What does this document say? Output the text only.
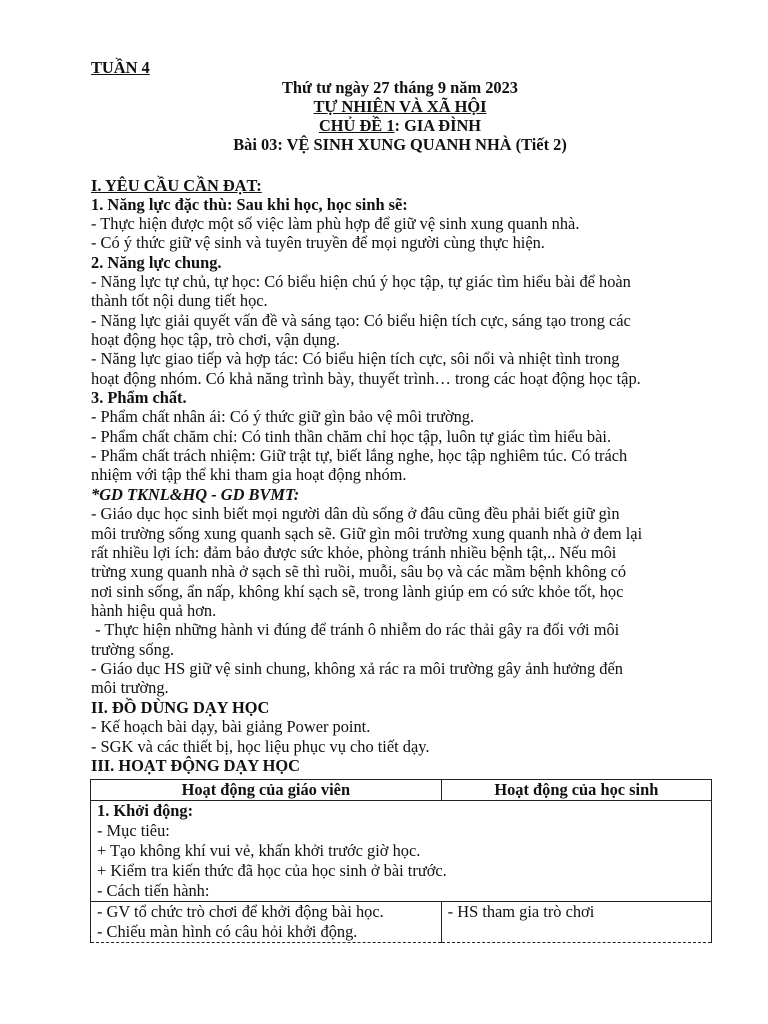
TUẦN 4
Thứ tư ngày 27 tháng 9 năm 2023
TỰ NHIÊN VÀ XÃ HỘI
CHỦ ĐỀ 1: GIA ĐÌNH
Bài 03: VỆ SINH XUNG QUANH NHÀ (Tiết 2)
I. YÊU CẦU CẦN ĐẠT:
1. Năng lực đặc thù: Sau khi học, học sinh sẽ:
- Thực hiện được một số việc làm phù hợp để giữ vệ sinh xung quanh nhà.
- Có ý thức giữ vệ sinh và tuyên truyền để mọi người cùng thực hiện.
2. Năng lực chung.
- Năng lực tự chủ, tự học: Có biểu hiện chú ý học tập, tự giác tìm hiểu bài để hoàn
thành tốt nội dung tiết học.
- Năng lực giải quyết vấn đề và sáng tạo: Có biểu hiện tích cực, sáng tạo trong các
hoạt động học tập, trò chơi, vận dụng.
- Năng lực giao tiếp và hợp tác: Có biểu hiện tích cực, sôi nổi và nhiệt tình trong
hoạt động nhóm. Có khả năng trình bày, thuyết trình… trong các hoạt động học tập.
3. Phẩm chất.
- Phẩm chất nhân ái: Có ý thức giữ gìn bảo vệ môi trường.
- Phẩm chất chăm chỉ: Có tinh thần chăm chỉ học tập, luôn tự giác tìm hiểu bài.
- Phẩm chất trách nhiệm: Giữ trật tự, biết lắng nghe, học tập nghiêm túc. Có trách
nhiệm với tập thể khi tham gia hoạt động nhóm.
*GD TKNL&HQ - GD BVMT:
- Giáo dục học sinh biết mọi người dân dù sống ở đâu cũng đều phải biết giữ gìn
môi trường sống xung quanh sạch sẽ. Giữ gìn môi trường xung quanh nhà ở đem lại
rất nhiều lợi ích: đảm bảo được sức khỏe, phòng tránh nhiều bệnh tật,.. Nếu môi
trừng xung quanh nhà ở sạch sẽ thì ruồi, muỗi, sâu bọ và các mầm bệnh không có
nơi sinh sống, ẩn nấp, không khí sạch sẽ, trong lành giúp em có sức khỏe tốt, học
hành hiệu quả hơn.
- Thực hiện những hành vi đúng để tránh ô nhiễm do rác thải gây ra đối với môi
trường sống.
- Giáo dục HS giữ vệ sinh chung, không xả rác ra môi trường gây ảnh hưởng đến
môi trường.
II. ĐỒ DÙNG DẠY HỌC
- Kế hoạch bài dạy, bài giảng Power point.
- SGK và các thiết bị, học liệu phục vụ cho tiết dạy.
III. HOẠT ĐỘNG DẠY HỌC
Hoạt động của giáo viên	Hoạt động của học sinh

1. Khởi động:
- Mục tiêu:
+ Tạo không khí vui vẻ, khấn khởi trước giờ học.
+ Kiểm tra kiến thức đã học của học sinh ở bài trước.
- Cách tiến hành:	

- GV tổ chức trò chơi để khởi động bài học.
- Chiếu màn hình có câu hỏi khởi động.	- HS tham gia trò chơi
